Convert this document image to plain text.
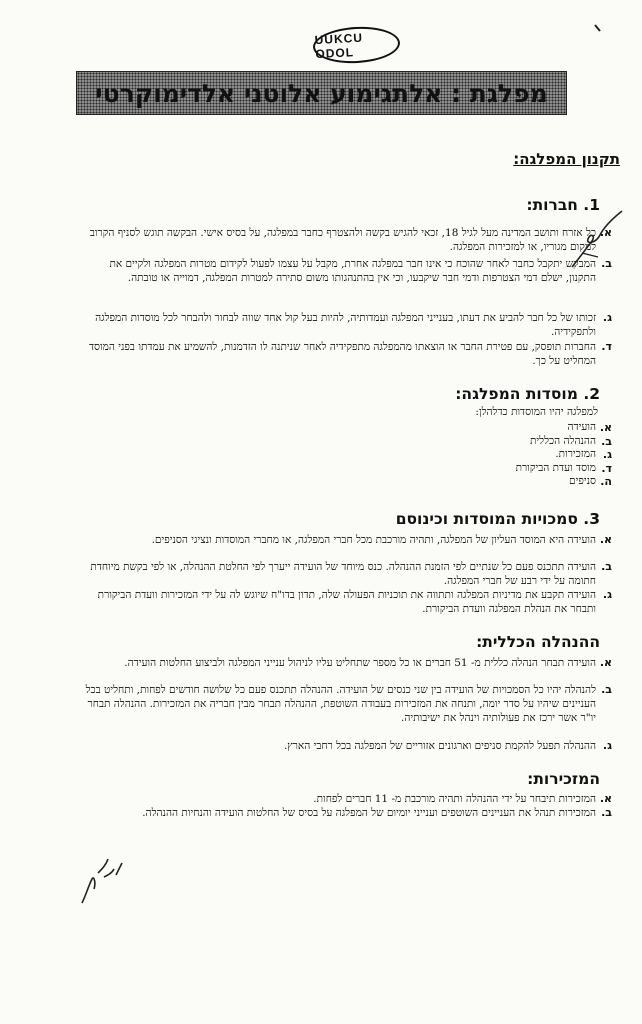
UUKCU ODOL
מפלגת : אלתגימוע אלוטני אלדימוקרטי
תקנון המפלגה:
1. חברות:
א.
כל אזרח ותושב המדינה מעל לגיל 18, זכאי להגיש בקשה ולהצטרף כחבר במפלגה, על בסיס אישי. הבקשה תוגש לסניף הקרוב למקום מגוריו, או למזכירות המפלגה.
ב.
המבקש יתקבל כחבר לאחר שהוכח כי אינו חבר במפלגה אחרת, מקבל על עצמו לפעול לקידום מטרות המפלגה ולקיים את התקנון, ישלם דמי הצטרפות ודמי חבר שיקבעו, וכי אין בהתנהגותו משום סתירה למטרות המפלגה, דמוייה או טובתה.
ג.
זכותו של כל חבר להביע את דעתו, בענייני המפלגה ועמדותיה, להיות בעל קול אחד שווה לבחור ולהבחר לכל מוסדות המפלגה ולתפקידיה.
ד.
החברות תופסק, עם פטירת החבר או הוצאתו מהמפלגה מתפקידיה לאחר שניתנה לו הזדמנות, להשמיע את עמדתו בפני המוסד המחליט על כך.
2. מוסדות המפלגה:
למפלגה יהיו המוסדות כדלהלן:
א.
הועידה
ב.
ההנהלה הכללית
ג.
המזכירות.
ד.
מוסד ועדת הביקורת
ה.
סניפים
3. סמכויות המוסדות וכינוסם
א.
הועידה היא המוסד העליון של המפלגה, ותהיה מורכבת מכל חברי המפלגה, או מחברי המוסדות ונציגי הסניפים.
ב.
הועידה תתכנס פעם כל שנתיים לפי הזמנת ההנהלה. כנס מיוחד של הועידה ייערך לפי החלטת ההנהלה, או לפי בקשת מיוחדת חתומה על ידי רבע של חברי המפלגה.
ג.
הועידה תקבע את מדיניות המפלגה ותתווה את תוכניות הפעולה שלה, תדון בדו"ח שיוגש לה על ידי המזכירות וועדת הביקורת ותבחר את הנהלת המפלגה וועדת הביקורת.
ההנהלה הכללית:
א.
הועידה תבחר הנהלה כללית מ- 51 חברים או כל מספר שתחליט עליו לניהול ענייני המפלגה ולביצוע החלטות הועידה.
ב.
להנהלה יהיו כל הסמכויות של הועידה בין שני כנסים של הועידה. ההנהלה תתכנס פעם כל שלושה חודשים לפחות, ותחליט בכל העניינים שיהיו על סדר יומה, ותנחה את המזכירות בעבודה השוטפת, ההנהלה תבחר מבין חבריה את המזכירות. ההנהלה תבחר יו"ר אשר ירכז את פעולותיה וינהל את ישיבותיה.
ג.
ההנהלה תפעל להקמת סניפים וארגונים אזוריים של המפלגה בכל רחבי הארץ.
המזכירות:
א.
המזכירות תיבחר על ידי ההנהלה ותהיה מורכבת מ- 11 חברים לפחות.
ב.
המזכירות תנהל את העניינים השוטפים וענייני יומיום של המפלגה על בסיס של החלטות הועידה והנחיות ההנהלה.
